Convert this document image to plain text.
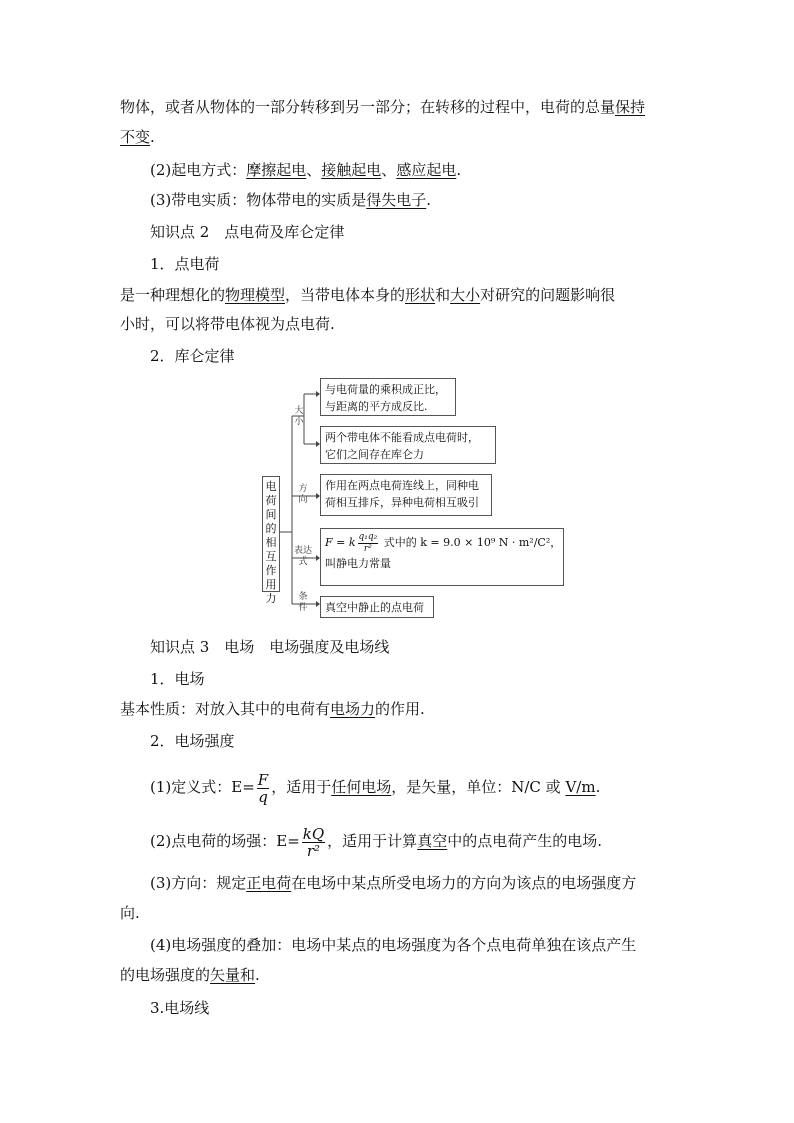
物体，或者从物体的一部分转移到另一部分；在转移的过程中，电荷的总量保持
不变.
(2)起电方式：摩擦起电、接触起电、感应起电.
(3)带电实质：物体带电的实质是得失电子.
知识点 2　点电荷及库仑定律
1．点电荷
是一种理想化的物理模型，当带电体本身的形状和大小对研究的问题影响很
小时，可以将带电体视为点电荷.
2．库仑定律
电荷间的相互作用力
大小
方向
表达式
条件
与电荷量的乘积成正比，
与距离的平方成反比.
两个带电体不能看成点电荷时，
它们之间存在库仑力
作用在两点电荷连线上，同种电
荷相互排斥，异种电荷相互吸引
F = k $\frac{\text{q₁q₂}}{\text{r²}}$ 式中的 k = 9.0 × 10⁹ N · m²/C²，
叫静电力常量
真空中静止的点电荷
知识点 3　电场　电场强度及电场线
1．电场
基本性质：对放入其中的电荷有电场力的作用.
2．电场强度
(1)定义式：$E= \frac{F}{q}$ ，适用于任何电场，是矢量，单位：N/C 或 V/m.
(2)点电荷的场强：$E= \frac{kQ}{\text{r²}}$ ，适用于计算真空中的点电荷产生的电场.
(3)方向：规定正电荷在电场中某点所受电场力的方向为该点的电场强度方
向.
(4)电场强度的叠加：电场中某点的电场强度为各个点电荷单独在该点产生
的电场强度的矢量和.
3.电场线
